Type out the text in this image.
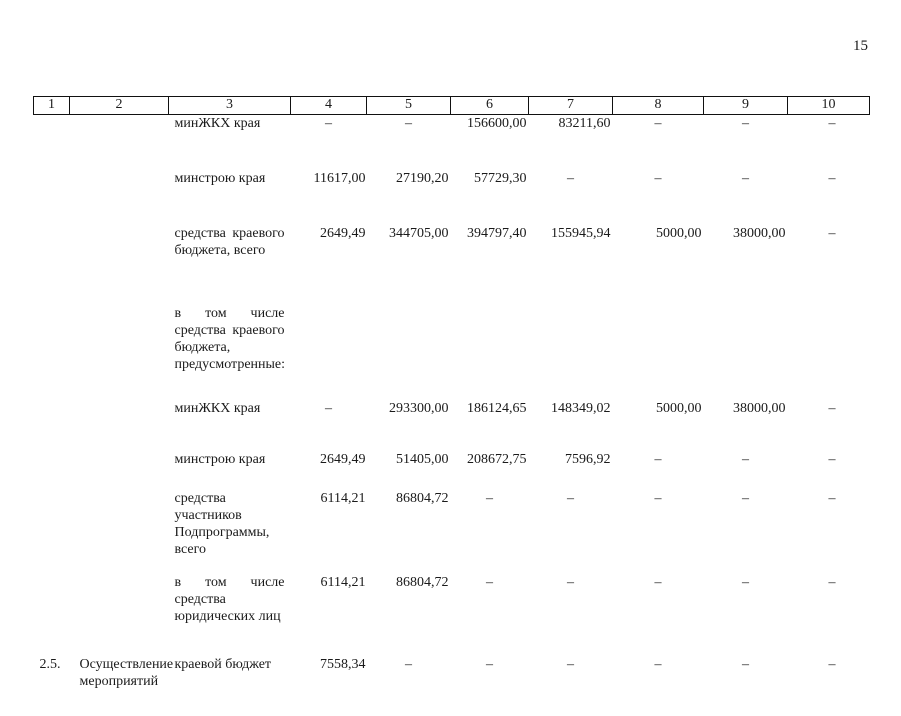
15
1	2	3	4	5	6	7	8	9	10
		минЖКХ края	–	–	156600,00	83211,60	–	–	–
		минстрою края	11617,00	27190,20	57729,30	–	–	–	–
		средства краевого бюджета, всего	2649,49	344705,00	394797,40	155945,94	5000,00	38000,00	–
		в том числе средства краевого бюджета, предусмотренные:							
		минЖКХ края	–	293300,00	186124,65	148349,02	5000,00	38000,00	–
		минстрою края	2649,49	51405,00	208672,75	7596,92	–	–	–
		средства участников Подпрограммы, всего	6114,21	86804,72	–	–	–	–	–
		в том числе средства юридических лиц	6114,21	86804,72	–	–	–	–	–
2.5.	Осуществление мероприятий	краевой бюджет	7558,34	–	–	–	–	–	–
